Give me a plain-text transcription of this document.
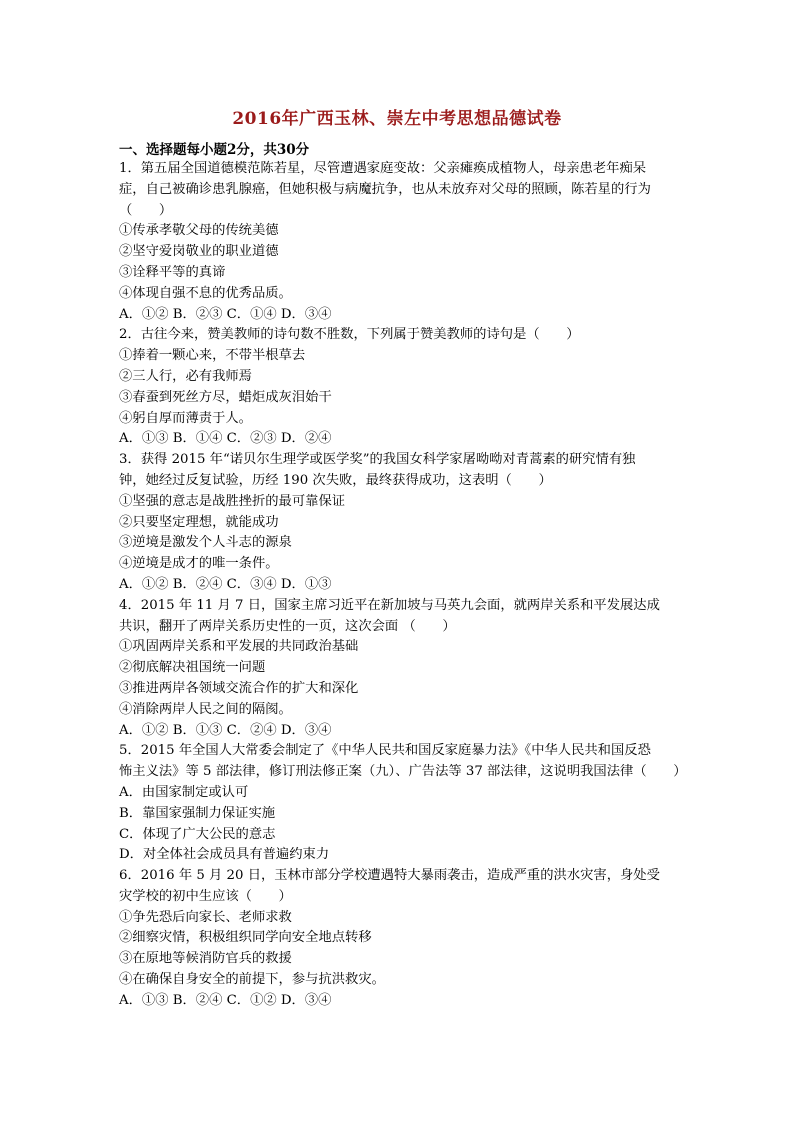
2016年广西玉林、崇左中考思想品德试卷
一、选择题每小题2分，共30分
1．第五届全国道德模范陈若星，尽管遭遇家庭变故：父亲瘫痪成植物人，母亲患老年痴呆
症，自己被确诊患乳腺癌，但她积极与病魔抗争，也从未放弃对父母的照顾，陈若星的行为
（　　）
①传承孝敬父母的传统美德
②坚守爱岗敬业的职业道德
③诠释平等的真谛
④体现自强不息的优秀品质。
A．①② B．②③ C．①④ D．③④
2．古往今来，赞美教师的诗句数不胜数，下列属于赞美教师的诗句是（　　）
①捧着一颗心来，不带半根草去
②三人行，必有我师焉
③春蚕到死丝方尽，蜡炬成灰泪始干
④躬自厚而薄责于人。
A．①③ B．①④ C．②③ D．②④
3．获得 2015 年“诺贝尔生理学或医学奖”的我国女科学家屠呦呦对青蒿素的研究情有独
钟，她经过反复试验，历经 190 次失败，最终获得成功，这表明（　　）
①坚强的意志是战胜挫折的最可靠保证
②只要坚定理想，就能成功
③逆境是激发个人斗志的源泉
④逆境是成才的唯一条件。
A．①② B．②④ C．③④ D．①③
4．2015 年 11 月 7 日，国家主席习近平在新加坡与马英九会面，就两岸关系和平发展达成
共识，翻开了两岸关系历史性的一页，这次会面 （　　）
①巩固两岸关系和平发展的共同政治基础
②彻底解决祖国统一问题
③推进两岸各领域交流合作的扩大和深化
④消除两岸人民之间的隔阂。
A．①② B．①③ C．②④ D．③④
5．2015 年全国人大常委会制定了《中华人民共和国反家庭暴力法》《中华人民共和国反恐
怖主义法》等 5 部法律，修订刑法修正案（九）、广告法等 37 部法律，这说明我国法律（　　）
A．由国家制定或认可
B．靠国家强制力保证实施
C．体现了广大公民的意志
D．对全体社会成员具有普遍约束力
6．2016 年 5 月 20 日，玉林市部分学校遭遇特大暴雨袭击，造成严重的洪水灾害，身处受
灾学校的初中生应该（　　）
①争先恐后向家长、老师求救
②细察灾情，积极组织同学向安全地点转移
③在原地等候消防官兵的救援
④在确保自身安全的前提下，参与抗洪救灾。
A．①③ B．②④ C．①② D．③④
